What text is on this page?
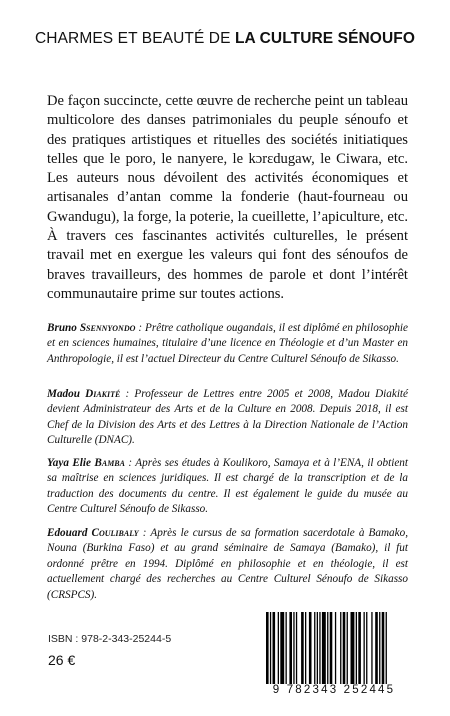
CHARMES ET BEAUTÉ DE LA CULTURE SÉNOUFO

De façon succincte, cette œuvre de recherche peint un tableau multicolore des danses patrimoniales du peuple sénoufo et des pratiques artistiques et rituelles des sociétés initiatiques telles que le poro, le nanyere, le kɔrɛdugaw, le Ciwara, etc. Les auteurs nous dévoilent des activités économiques et artisanales d’antan comme la fonderie (haut-fourneau ou Gwandugu), la forge, la poterie, la cueillette, l’apiculture, etc. À travers ces fascinantes activités culturelles, le présent travail met en exergue les valeurs qui font des sénoufos de braves travailleurs, des hommes de parole et dont l’intérêt communautaire prime sur toutes actions.

Bruno Ssennyondo : Prêtre catholique ougandais, il est diplômé en philosophie et en sciences humaines, titulaire d’une licence en Théologie et d’un Master en Anthropologie, il est l’actuel Directeur du Centre Culturel Sénoufo de Sikasso.

Madou Diakité : Professeur de Lettres entre 2005 et 2008, Madou Diakité devient Administrateur des Arts et de la Culture en 2008. Depuis 2018, il est Chef de la Division des Arts et des Lettres à la Direction Nationale de l’Action Culturelle (DNAC).

Yaya Elie Bamba : Après ses études à Koulikoro, Samaya et à l’ENA, il obtient sa maîtrise en sciences juridiques. Il est chargé de la transcription et de la traduction des documents du centre. Il est également le guide du musée au Centre Culturel Sénoufo de Sikasso.

Edouard Coulibaly : Après le cursus de sa formation sacerdotale à Bamako, Nouna (Burkina Faso) et au grand séminaire de Samaya (Bamako), il fut ordonné prêtre en 1994. Diplômé en philosophie et en théologie, il est actuellement chargé des recherches au Centre Culturel Sénoufo de Sikasso (CRSPCS).

ISBN : 978-2-343-25244-5
26 €
9 782343 252445
